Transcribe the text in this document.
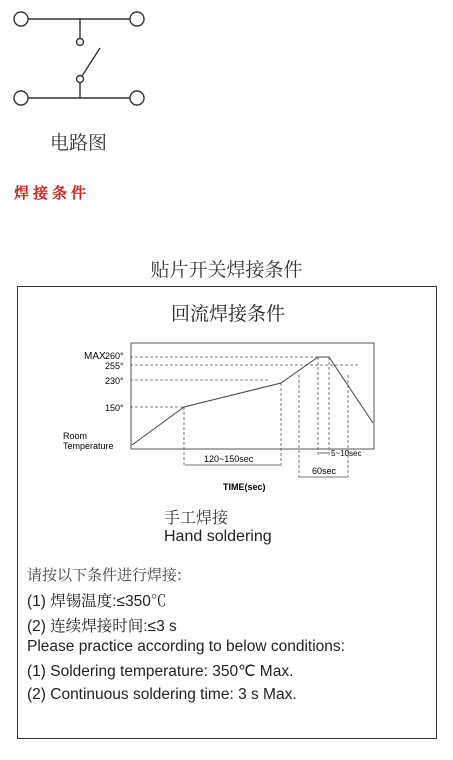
电路图
焊接条件
贴片开关焊接条件
MAX 260°
255°
230°
150°
Room
Temperature
120~150sec
60sec
5~10sec
TIME(sec)
回流焊接条件
手工焊接
Hand soldering
请按以下条件进行焊接:
(1) 焊锡温度:≤350℃
(2) 连续焊接时间:≤3 s
Please practice according to below conditions:
(1) Soldering temperature: 350℃ Max.
(2) Continuous soldering time: 3 s Max.
